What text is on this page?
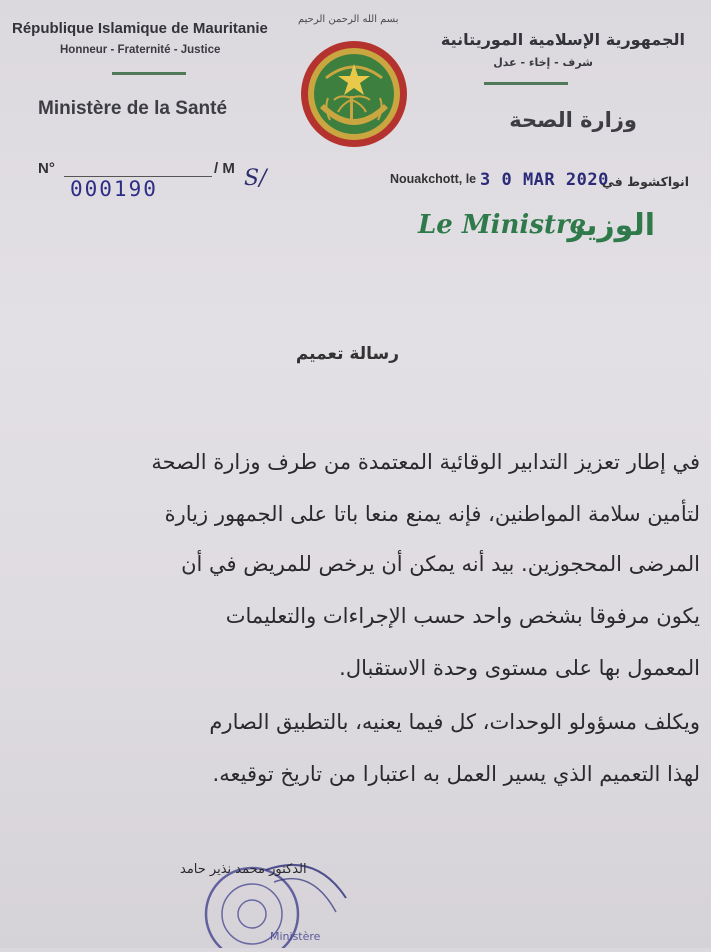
République Islamique de Mauritanie
Honneur - Fraternité - Justice
Ministère de la Santé
بسم الله الرحمن الرحيم
الجمهورية الإسلامية الموريتانية
شرف - إخاء - عدل
وزارة الصحة
N°
000190
/ M S/	Nouakchott, le 3 0 MAR 2020
انواكشوط في
Le Ministre
الوزير
رسالة تعميم
في إطار تعزيز التدابير الوقائية المعتمدة من طرف وزارة الصحة
لتأمين سلامة المواطنين، فإنه يمنع منعا باتا على الجمهور زيارة
المرضى المحجوزين. بيد أنه يمكن أن يرخص للمريض في أن
يكون مرفوقا بشخص واحد حسب الإجراءات والتعليمات
المعمول بها على مستوى وحدة الاستقبال.
ويكلف مسؤولو الوحدات، كل فيما يعنيه، بالتطبيق الصارم
لهذا التعميم الذي يسير العمل به اعتبارا من تاريخ توقيعه.
Ministère
الدكتور محمد نذير حامد
